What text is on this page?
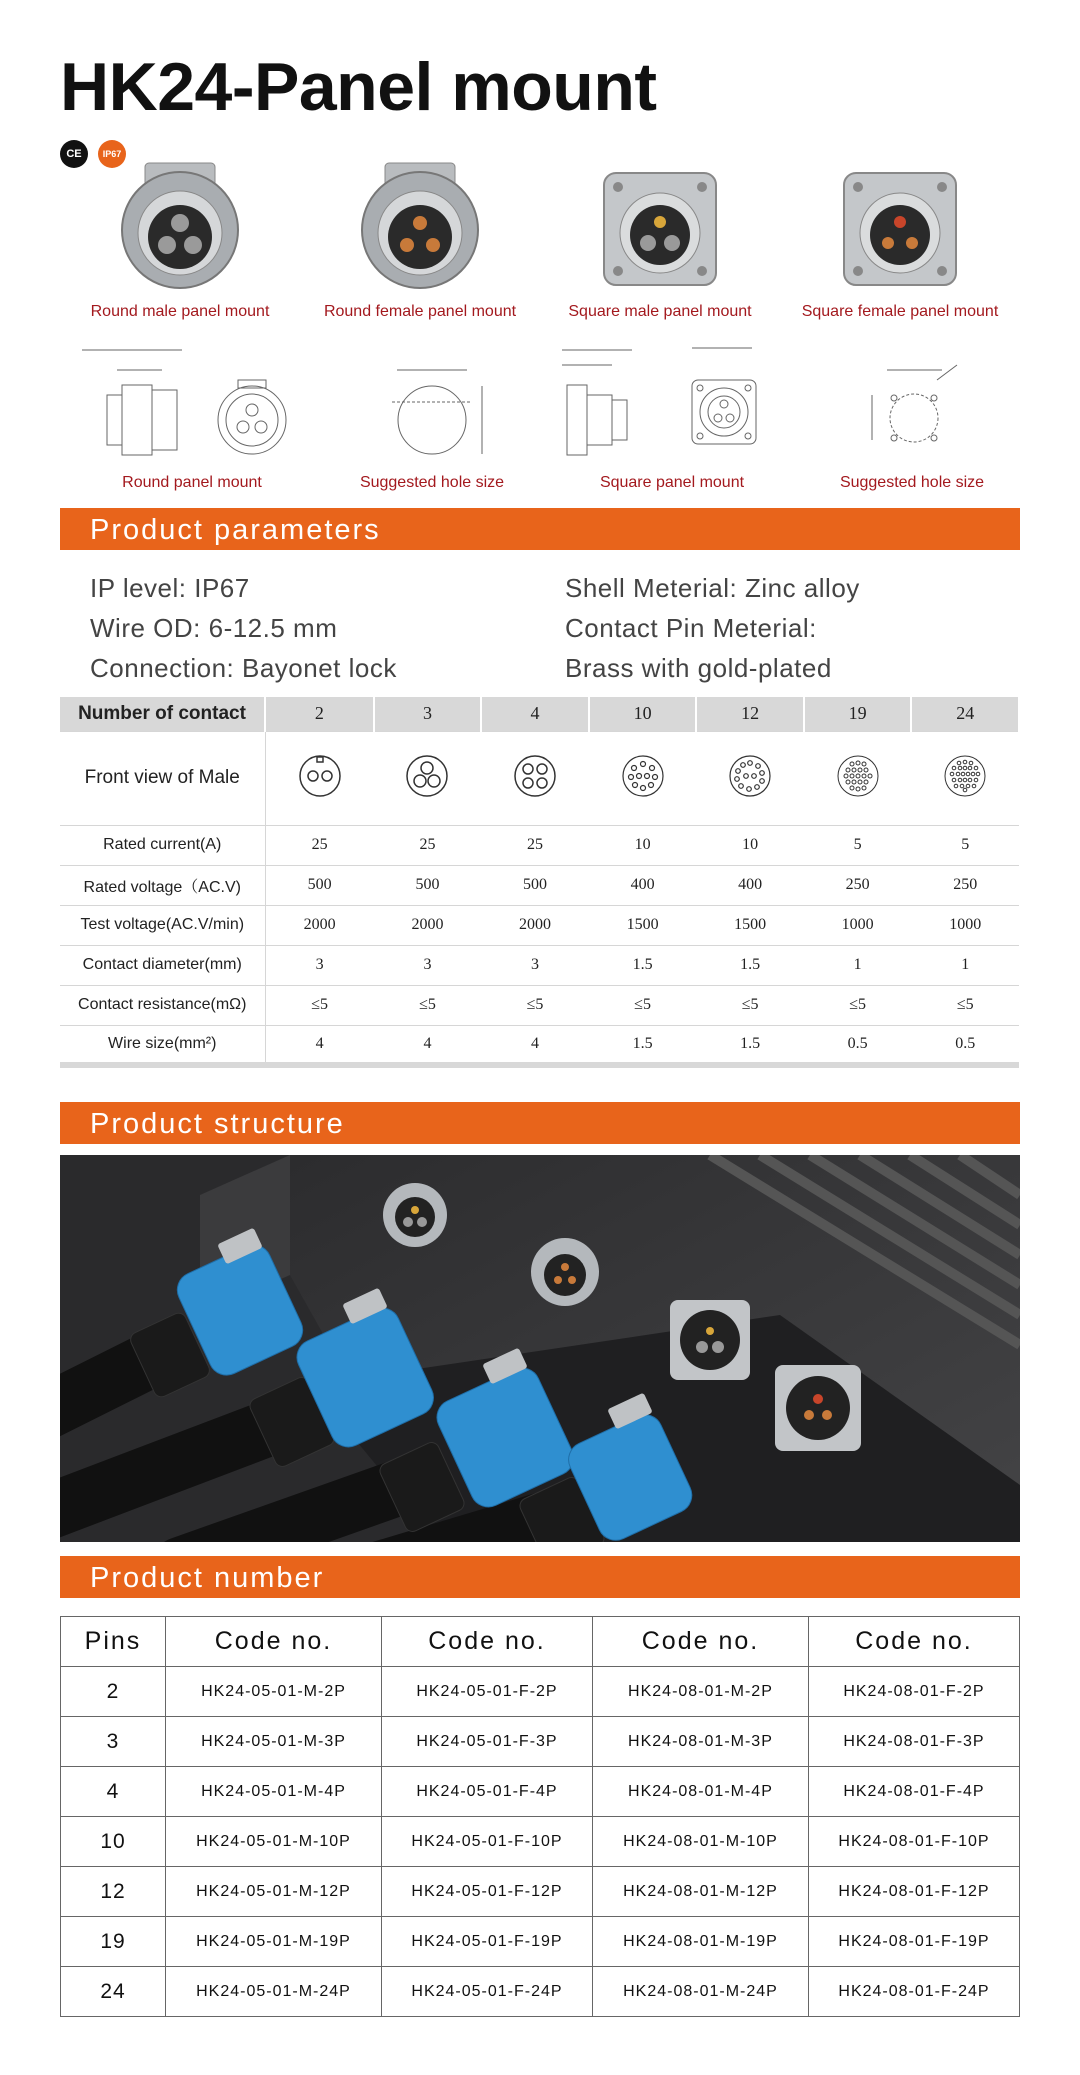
HK24-Panel mount
CE	IP67
Round male panel mount	Round female panel mount	Square male panel mount	Square female panel mount
Round panel mount	Suggested hole size	Square panel mount	Suggested hole size
Product parameters
IP level: IP67
Wire OD: 6-12.5 mm
Connection: Bayonet lock
Shell Meterial: Zinc alloy
Contact Pin Meterial:
Brass with gold-plated
Number of contact	2	3	4	10	12	19	24
Front view of Male							
Rated current(A)	25	25	25	10	10	5	5
Rated voltage（AC.V)	500	500	500	400	400	250	250
Test voltage(AC.V/min)	2000	2000	2000	1500	1500	1000	1000
Contact diameter(mm)	3	3	3	1.5	1.5	1	1
Contact resistance(mΩ)	≤5	≤5	≤5	≤5	≤5	≤5	≤5
Wire size(mm²)	4	4	4	1.5	1.5	0.5	0.5
Product structure
Product number
Pins	Code no.	Code no.	Code no.	Code no.
2	HK24-05-01-M-2P	HK24-05-01-F-2P	HK24-08-01-M-2P	HK24-08-01-F-2P
3	HK24-05-01-M-3P	HK24-05-01-F-3P	HK24-08-01-M-3P	HK24-08-01-F-3P
4	HK24-05-01-M-4P	HK24-05-01-F-4P	HK24-08-01-M-4P	HK24-08-01-F-4P
10	HK24-05-01-M-10P	HK24-05-01-F-10P	HK24-08-01-M-10P	HK24-08-01-F-10P
12	HK24-05-01-M-12P	HK24-05-01-F-12P	HK24-08-01-M-12P	HK24-08-01-F-12P
19	HK24-05-01-M-19P	HK24-05-01-F-19P	HK24-08-01-M-19P	HK24-08-01-F-19P
24	HK24-05-01-M-24P	HK24-05-01-F-24P	HK24-08-01-M-24P	HK24-08-01-F-24P
